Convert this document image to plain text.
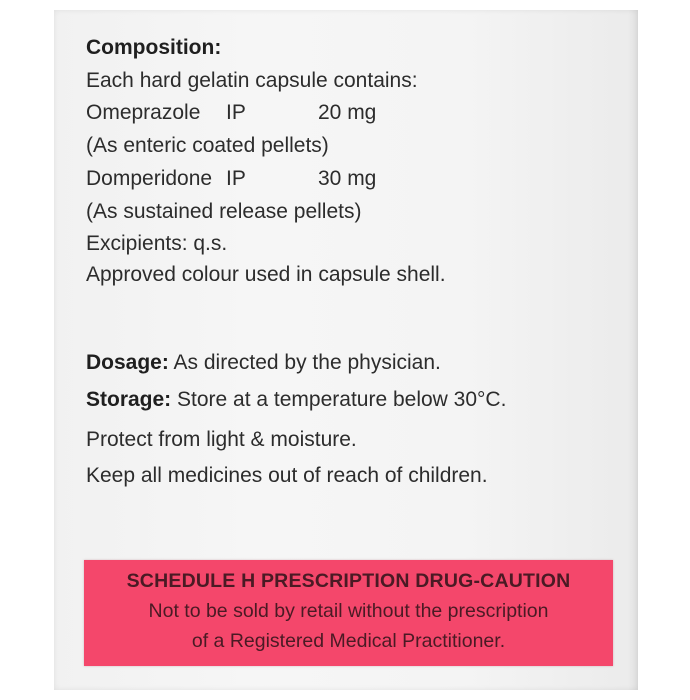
Composition:
Each hard gelatin capsule contains:
Omeprazole IP	20 mg
(As enteric coated pellets)
Domperidone IP	30 mg
(As sustained release pellets)
Excipients: q.s.
Approved colour used in capsule shell.
Dosage: As directed by the physician.
Storage: Store at a temperature below 30°C.
Protect from light & moisture.
Keep all medicines out of reach of children.
SCHEDULE H PRESCRIPTION DRUG-CAUTION
Not to be sold by retail without the prescription
of a Registered Medical Practitioner.
